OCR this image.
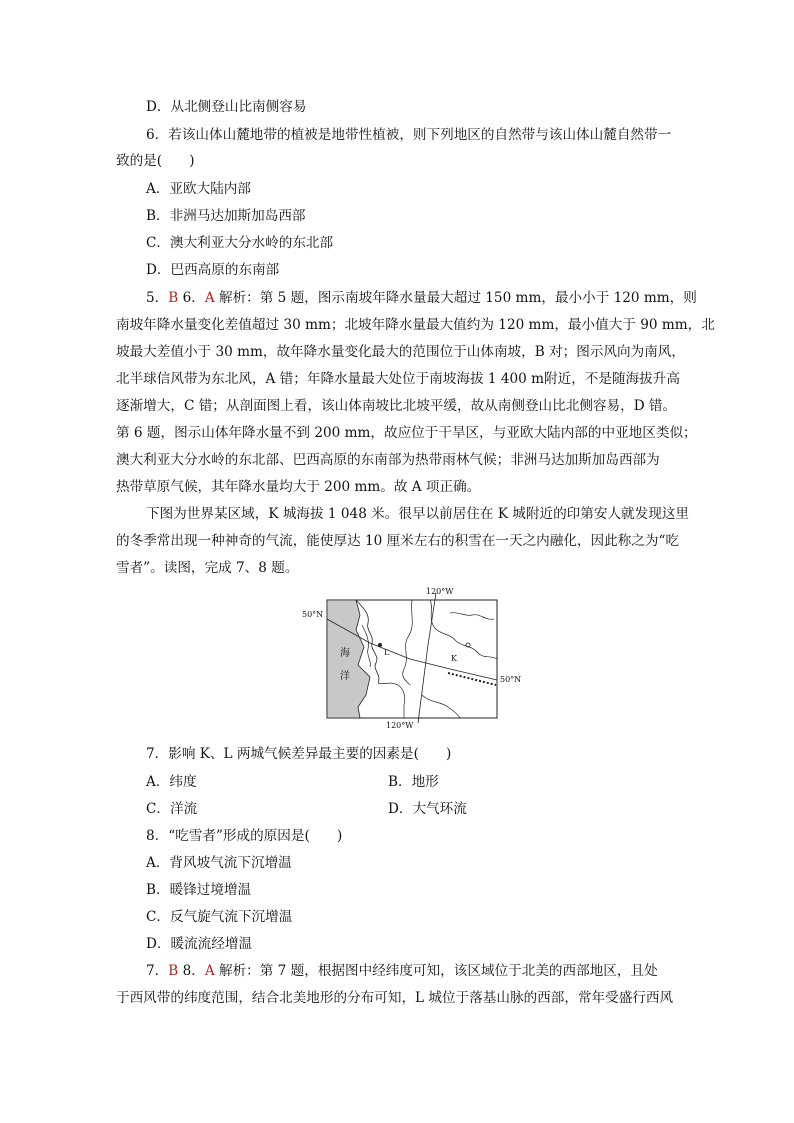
D．从北侧登山比南侧容易
6．若该山体山麓地带的植被是地带性植被，则下列地区的自然带与该山体山麓自然带一
致的是(　　)
A．亚欧大陆内部
B．非洲马达加斯加岛西部
C．澳大利亚大分水岭的东北部
D．巴西高原的东南部
5．B 6．A 解析：第 5 题，图示南坡年降水量最大超过 150 mm，最小小于 120 mm，则
南坡年降水量变化差值超过 30 mm；北坡年降水量最大值约为 120 mm，最小值大于 90 mm，北
坡最大差值小于 30 mm，故年降水量变化最大的范围位于山体南坡，B 对；图示风向为南风，
北半球信风带为东北风，A 错；年降水量最大处位于南坡海拔 1 400 m附近，不是随海拔升高
逐渐增大，C 错；从剖面图上看，该山体南坡比北坡平缓，故从南侧登山比北侧容易，D 错。
第 6 题，图示山体年降水量不到 200 mm，故应位于干旱区，与亚欧大陆内部的中亚地区类似；
澳大利亚大分水岭的东北部、巴西高原的东南部为热带雨林气候；非洲马达加斯加岛西部为
热带草原气候，其年降水量均大于 200 mm。故 A 项正确。
下图为世界某区域，K 城海拔 1 048 米。很早以前居住在 K 城附近的印第安人就发现这里
的冬季常出现一种神奇的气流，能使厚达 10 厘米左右的积雪在一天之内融化，因此称之为“吃
雪者”。读图，完成 7、8 题。
50°N
50°N
120°W
120°W
海
洋
K
L
7．影响 K、L 两城气候差异最主要的因素是(　　)
A．纬度	B．地形
C．洋流	D．大气环流
8．“吃雪者”形成的原因是(　　)
A．背风坡气流下沉增温
B．暖锋过境增温
C．反气旋气流下沉增温
D．暖流流经增温
7．B 8．A 解析：第 7 题，根据图中经纬度可知，该区域位于北美的西部地区，且处
于西风带的纬度范围，结合北美地形的分布可知，L 城位于落基山脉的西部，常年受盛行西风
